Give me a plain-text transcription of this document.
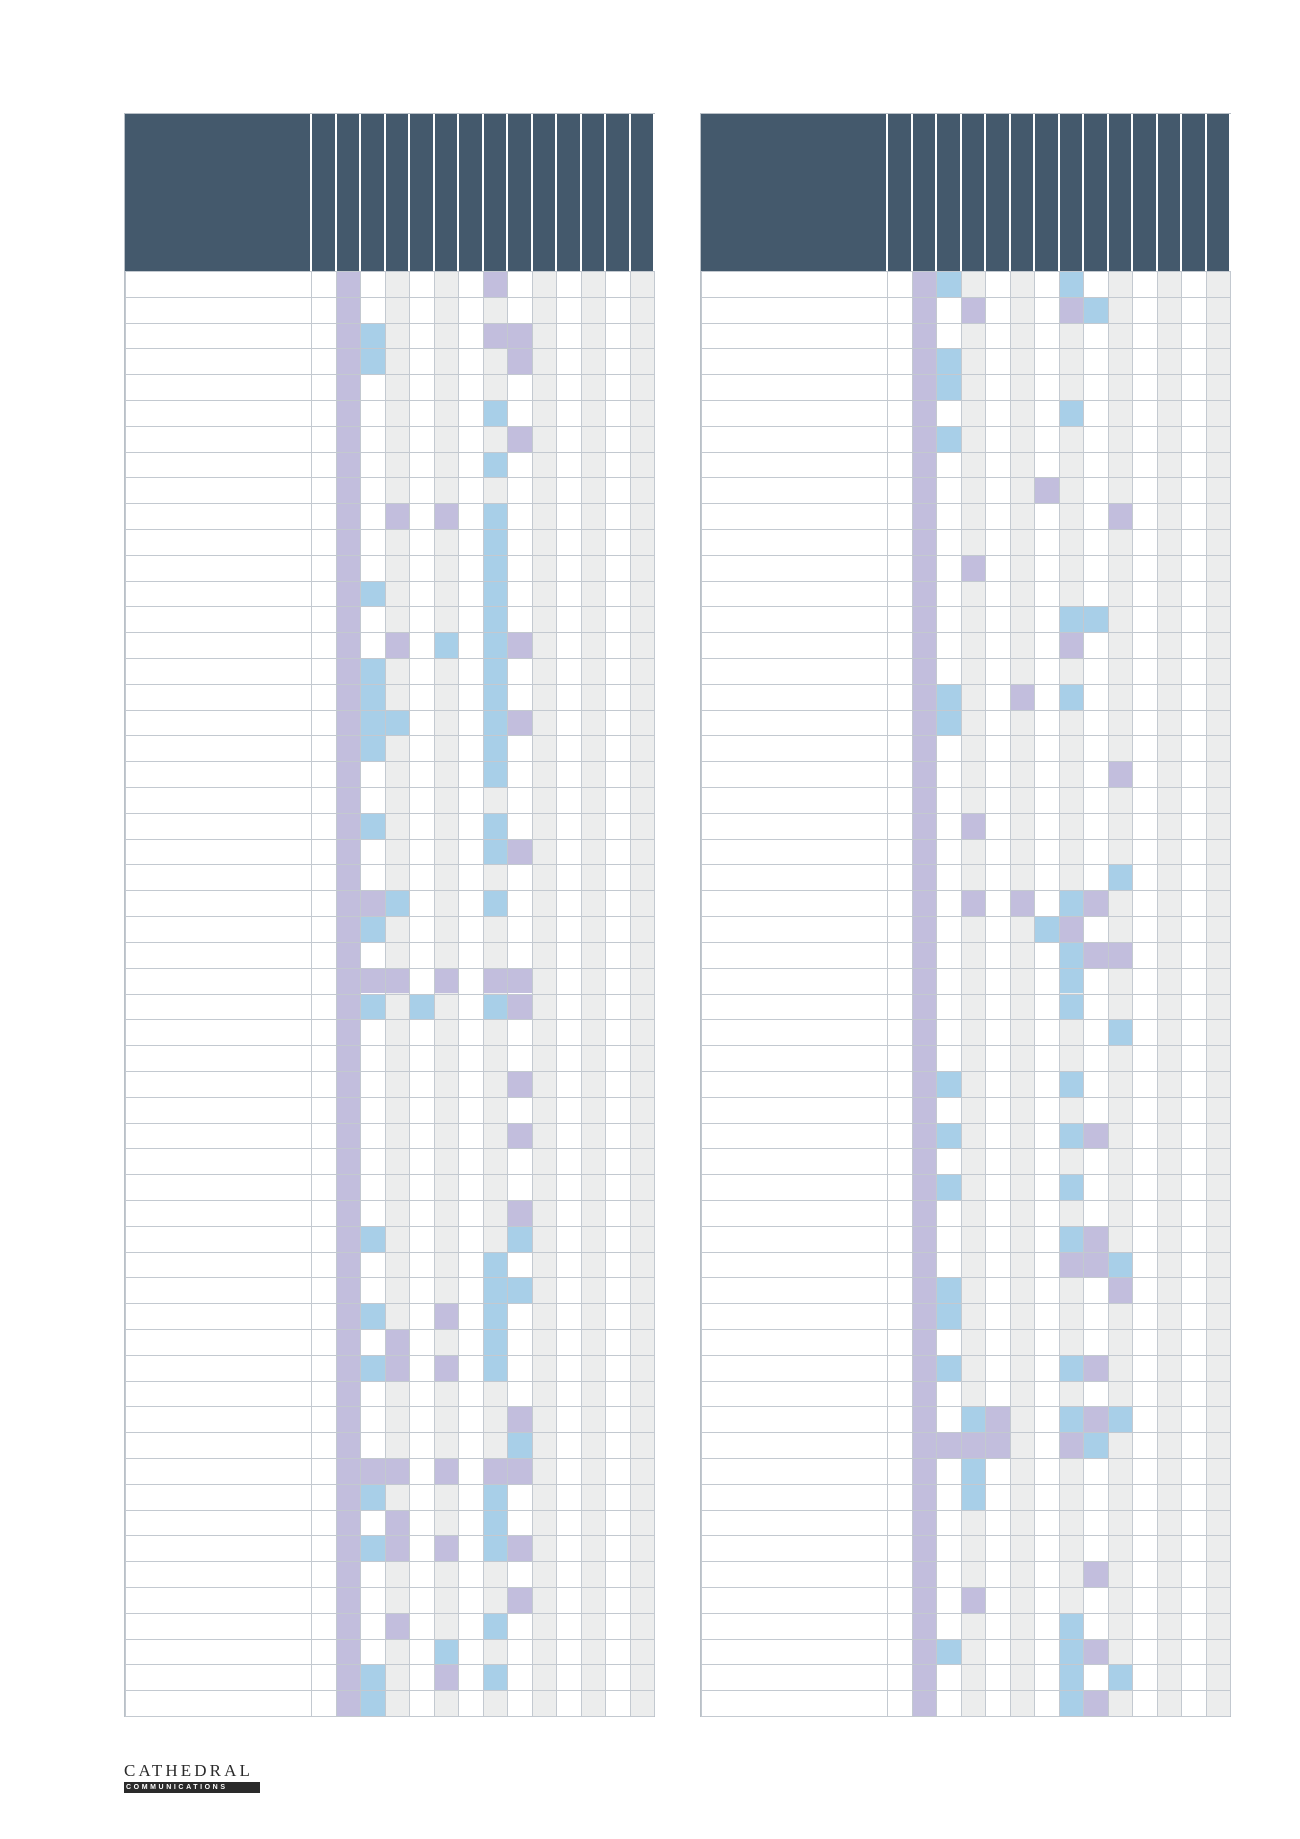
CATHEDRAL
COMMUNICATIONS
